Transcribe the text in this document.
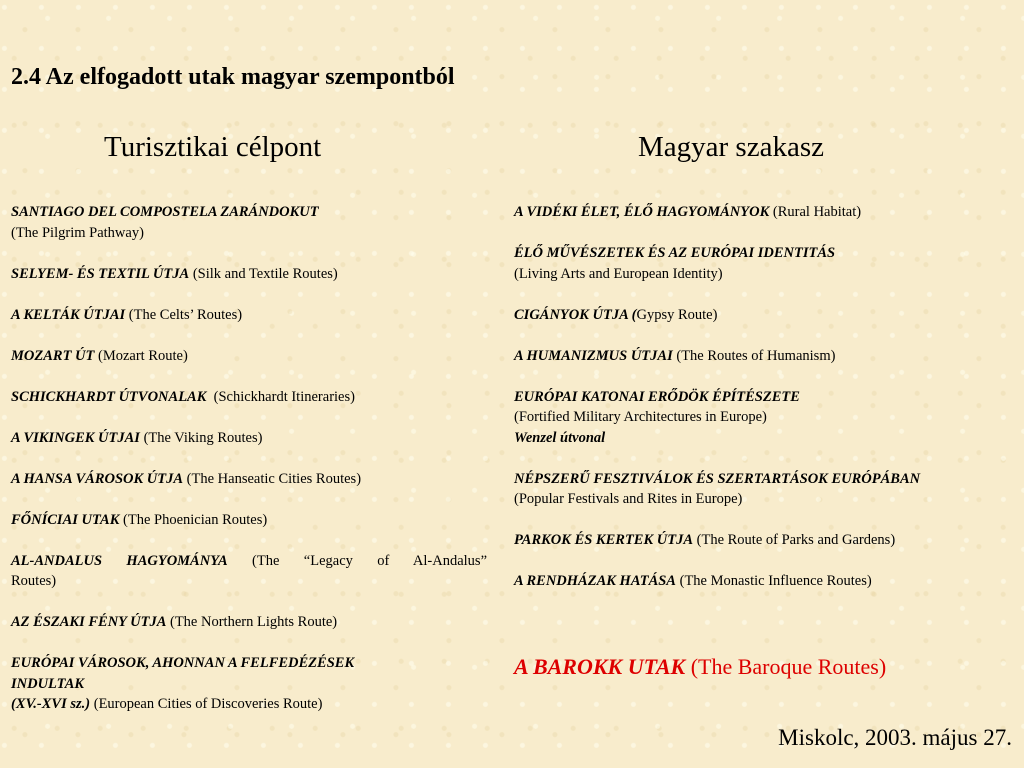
2.4 Az elfogadott utak magyar szempontból
Turisztikai célpont	Magyar szakasz
SANTIAGO DEL COMPOSTELA ZARÁNDOKUT
(The Pilgrim Pathway)
SELYEM- ÉS TEXTIL ÚTJA (Silk and Textile Routes)
A KELTÁK ÚTJAI (The Celts’ Routes)
MOZART ÚT (Mozart Route)
SCHICKHARDT ÚTVONALAK (Schickhardt Itineraries)
A VIKINGEK ÚTJAI (The Viking Routes)
A HANSA VÁROSOK ÚTJA (The Hanseatic Cities Routes)
FŐNÍCIAI UTAK (The Phoenician Routes)
AL-ANDALUS HAGYOMÁNYA (The “Legacy of Al-Andalus”
Routes)
AZ ÉSZAKI FÉNY ÚTJA (The Northern Lights Route)
EURÓPAI VÁROSOK, AHONNAN A FELFEDÉZÉSEK
INDULTAK
(XV.-XVI sz.) (European Cities of Discoveries Route)
A VIDÉKI ÉLET, ÉLŐ HAGYOMÁNYOK (Rural Habitat)
ÉLŐ MŰVÉSZETEK ÉS AZ EURÓPAI IDENTITÁS
(Living Arts and European Identity)
CIGÁNYOK ÚTJA (Gypsy Route)
A HUMANIZMUS ÚTJAI (The Routes of Humanism)
EURÓPAI KATONAI ERŐDÖK ÉPÍTÉSZETE
(Fortified Military Architectures in Europe)
Wenzel útvonal
NÉPSZERŰ FESZTIVÁLOK ÉS SZERTARTÁSOK EURÓPÁBAN
(Popular Festivals and Rites in Europe)
PARKOK ÉS KERTEK ÚTJA (The Route of Parks and Gardens)
A RENDHÁZAK HATÁSA (The Monastic Influence Routes)
A BAROKK UTAK (The Baroque Routes)
Miskolc, 2003. május 27.
